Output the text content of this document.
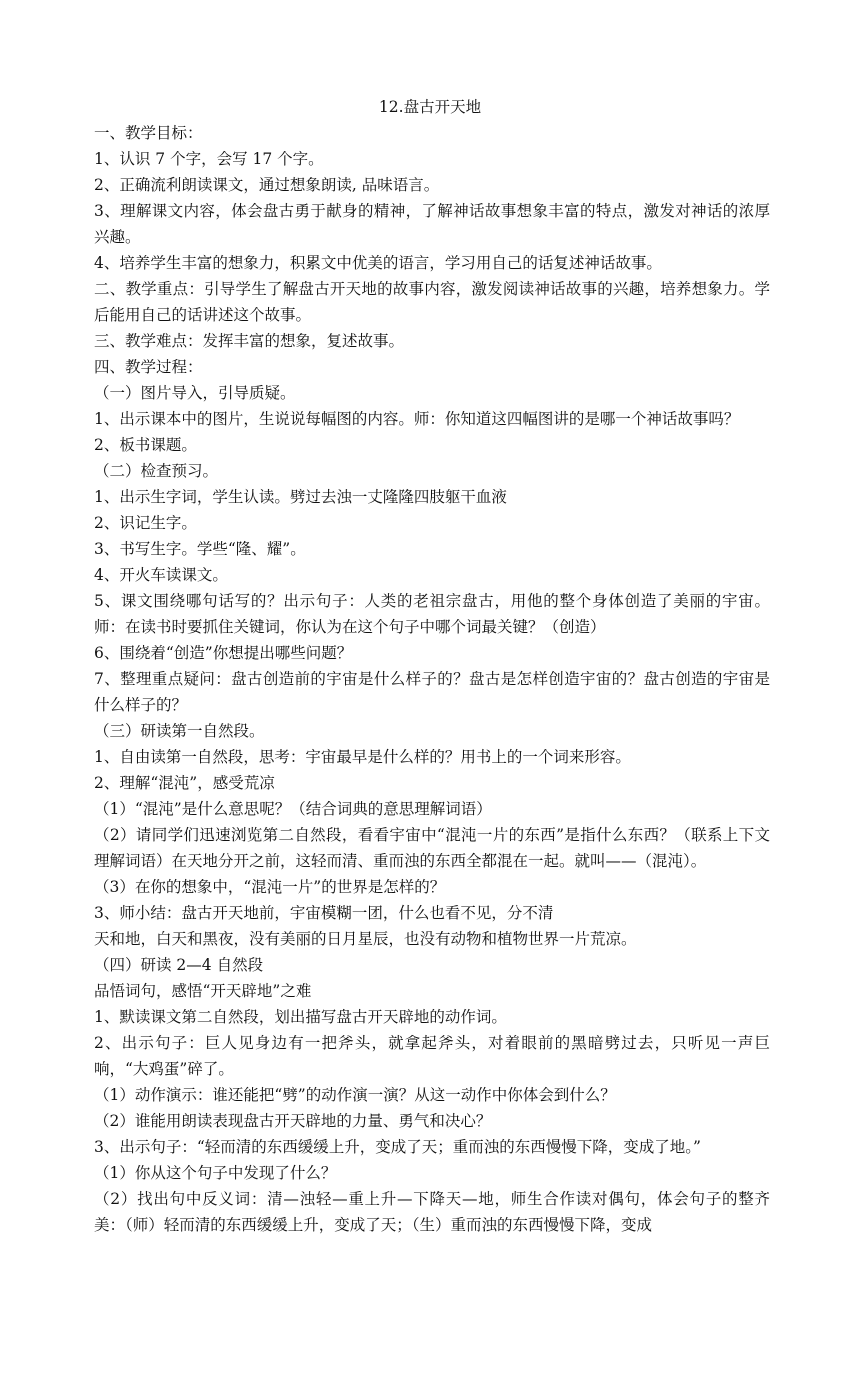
12.盘古开天地

一、教学目标：

1、认识 7 个字，会写 17 个字。

2、正确流利朗读课文，通过想象朗读, 品味语言。

3、理解课文内容，体会盘古勇于献身的精神，了解神话故事想象丰富的特点，激发对神话的浓厚兴趣。

4、培养学生丰富的想象力，积累文中优美的语言，学习用自己的话复述神话故事。

二、教学重点：引导学生了解盘古开天地的故事内容，激发阅读神话故事的兴趣，培养想象力。学后能用自己的话讲述这个故事。

三、教学难点：发挥丰富的想象，复述故事。

四、教学过程：

（一）图片导入，引导质疑。

1、出示课本中的图片，生说说每幅图的内容。师：你知道这四幅图讲的是哪一个神话故事吗？

2、板书课题。

（二）检查预习。

1、出示生字词，学生认读。劈过去浊一丈隆隆四肢躯干血液

2、识记生字。

3、书写生字。学些“隆、耀”。

4、开火车读课文。

5、课文围绕哪句话写的？出示句子：人类的老祖宗盘古，用他的整个身体创造了美丽的宇宙。师：在读书时要抓住关键词，你认为在这个句子中哪个词最关键？（创造）

6、围绕着“创造”你想提出哪些问题？

7、整理重点疑问：盘古创造前的宇宙是什么样子的？盘古是怎样创造宇宙的？盘古创造的宇宙是什么样子的？

（三）研读第一自然段。

1、自由读第一自然段，思考：宇宙最早是什么样的？用书上的一个词来形容。

2、理解“混沌”，感受荒凉

（1）“混沌”是什么意思呢？（结合词典的意思理解词语）

（2）请同学们迅速浏览第二自然段，看看宇宙中“混沌一片的东西”是指什么东西？（联系上下文理解词语）在天地分开之前，这轻而清、重而浊的东西全都混在一起。就叫——（混沌）。

（3）在你的想象中，“混沌一片”的世界是怎样的？

3、师小结：盘古开天地前，宇宙模糊一团，什么也看不见，分不清

天和地，白天和黑夜，没有美丽的日月星辰，也没有动物和植物世界一片荒凉。

（四）研读 2—4 自然段

品悟词句，感悟“开天辟地”之难

1、默读课文第二自然段，划出描写盘古开天辟地的动作词。

2、出示句子：巨人见身边有一把斧头，就拿起斧头，对着眼前的黑暗劈过去，只听见一声巨响，“大鸡蛋”碎了。

（1）动作演示：谁还能把“劈”的动作演一演？从这一动作中你体会到什么？

（2）谁能用朗读表现盘古开天辟地的力量、勇气和决心？

3、出示句子：“轻而清的东西缓缓上升，变成了天；重而浊的东西慢慢下降，变成了地。”

（1）你从这个句子中发现了什么？

（2）找出句中反义词：清—浊轻—重上升—下降天—地，师生合作读对偶句，体会句子的整齐美：（师）轻而清的东西缓缓上升，变成了天；（生）重而浊的东西慢慢下降，变成
